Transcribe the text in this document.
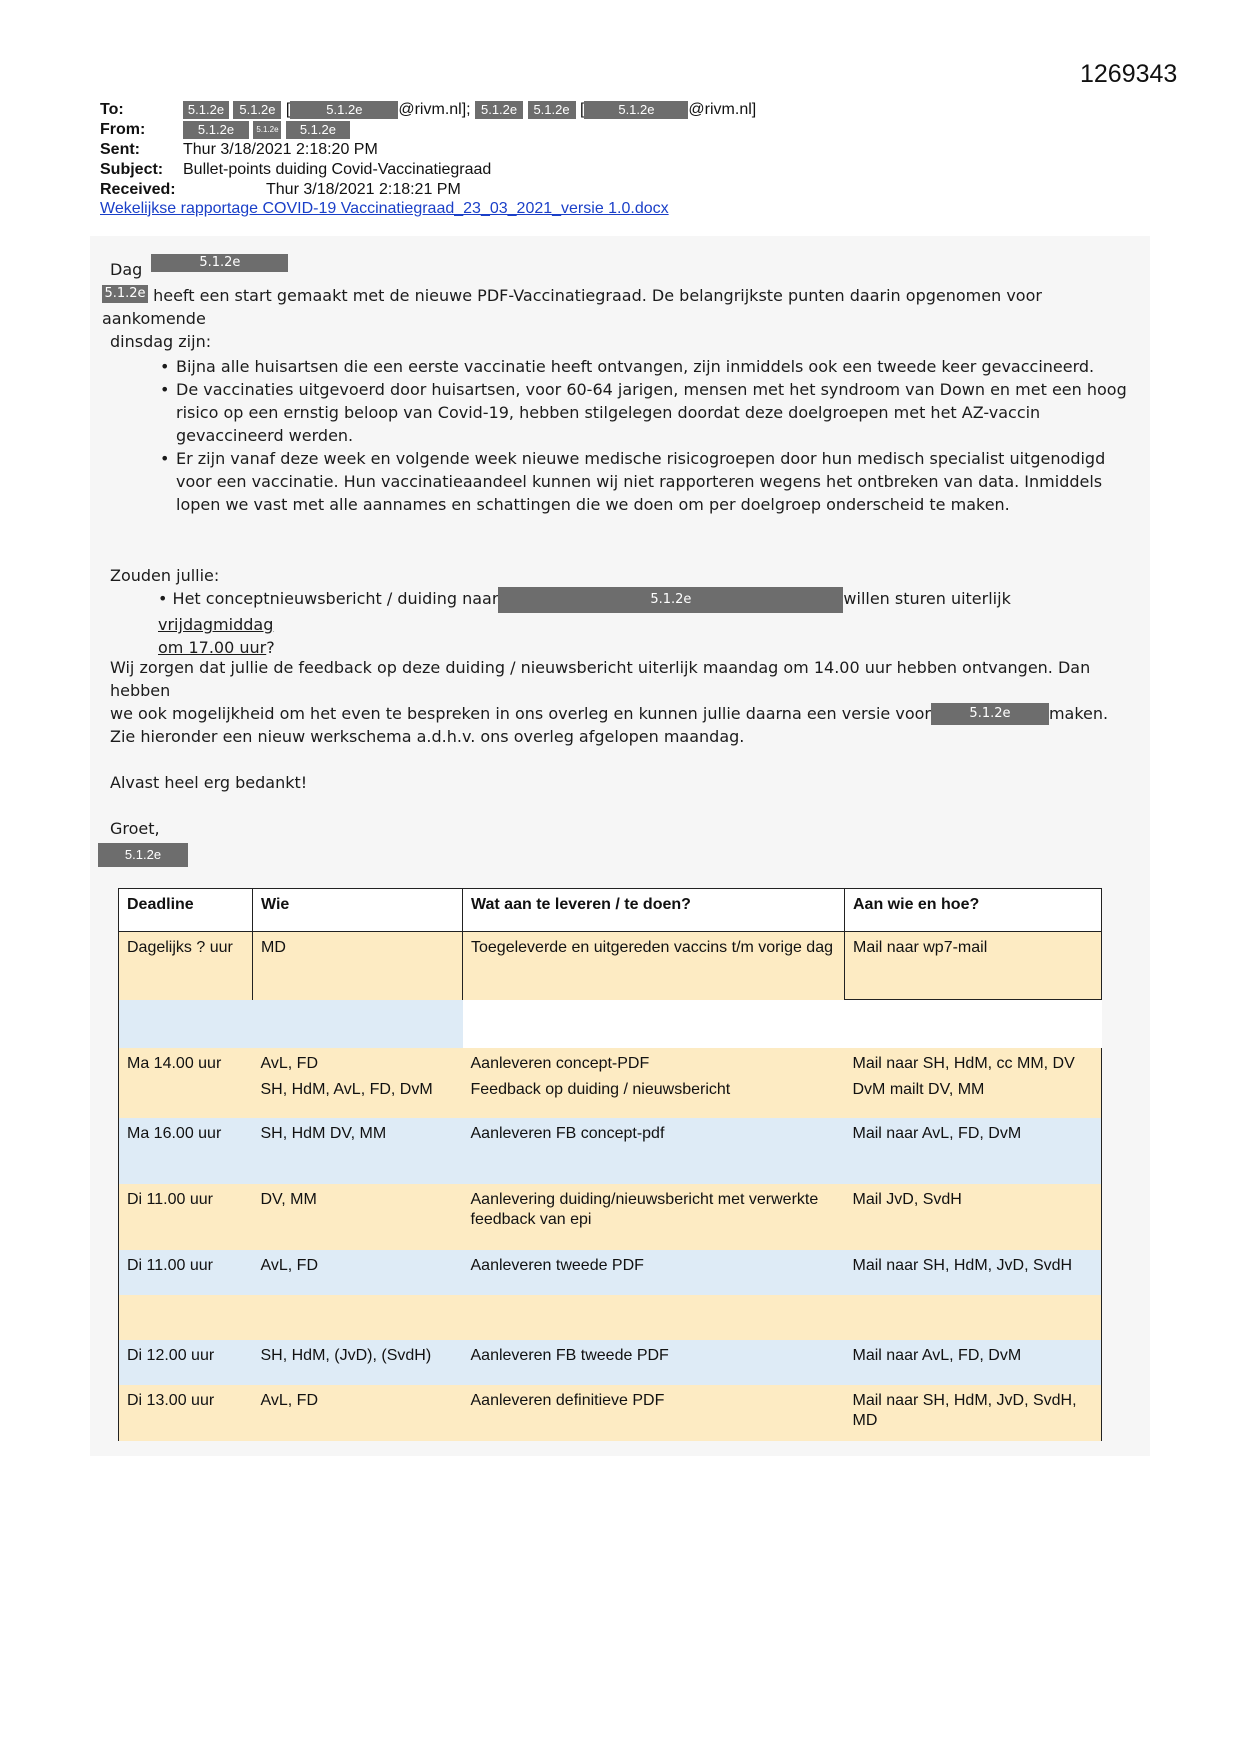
1269343
To:	5.1.2e 5.1.2e [	5.1.2e @rivm.nl]; 5.1.2e 5.1.2e [	5.1.2e @rivm.nl]
From:	5.1.2e	5.1.2e 5.1.2e
Sent:	Thur 3/18/2021 2:18:20 PM
Subject: Bullet-points duiding Covid-Vaccinatiegraad
Received:	Thur 3/18/2021 2:18:21 PM
Wekelijkse rapportage COVID-19 Vaccinatiegraad_23_03_2021_versie 1.0.docx
Dag	5.1.2e

5.1.2e heeft een start gemaakt met de nieuwe PDF-Vaccinatiegraad. De belangrijkste punten daarin opgenomen voor aankomende

dinsdag zijn:

• Bijna alle huisartsen die een eerste vaccinatie heeft ontvangen, zijn inmiddels ook een tweede keer gevaccineerd.
• De vaccinaties uitgevoerd door huisartsen, voor 60-64 jarigen, mensen met het syndroom van Down en met een hoog risico op een ernstig beloop van Covid-19, hebben stilgelegen doordat deze doelgroepen met het AZ-vaccin gevaccineerd werden.
• Er zijn vanaf deze week en volgende week nieuwe medische risicogroepen door hun medisch specialist uitgenodigd voor een vaccinatie. Hun vaccinatieaandeel kunnen wij niet rapporteren wegens het ontbreken van data. Inmiddels lopen we vast met alle aannames en schattingen die we doen om per doelgroep onderscheid te maken.
Zouden jullie:

• Het conceptnieuwsbericht / duiding naar	5.1.2e	willen sturen uiterlijk vrijdagmiddag

om 17.00 uur?

Wij zorgen dat jullie de feedback op deze duiding / nieuwsbericht uiterlijk maandag om 14.00 uur hebben ontvangen. Dan hebben

we ook mogelijkheid om het even te bespreken in ons overleg en kunnen jullie daarna een versie voor	5.1.2e maken.

Zie hieronder een nieuw werkschema a.d.h.v. ons overleg afgelopen maandag.
Alvast heel erg bedankt!
Groet,
5.1.2e
Deadline	Wie	Wat aan te leveren / te doen?	Aan wie en hoe?
Dagelijks ? uur	MD	Toegeleverde en uitgereden vaccins t/m vorige dag	Mail naar wp7-mail

Ma 14.00 uur	AvL, FD	Aanleveren concept-PDF	Mail naar SH, HdM, cc MM, DV
	SH, HdM, AvL, FD, DvM	Feedback op duiding / nieuwsbericht	DvM mailt DV, MM
Ma 16.00 uur	SH, HdM DV, MM	Aanleveren FB concept-pdf	Mail naar AvL, FD, DvM
Di 11.00 uur	DV, MM	Aanlevering duiding/nieuwsbericht met verwerkte feedback van epi	Mail JvD, SvdH
Di 11.00 uur	AvL, FD	Aanleveren tweede PDF	Mail naar SH, HdM, JvD, SvdH

Di 12.00 uur	SH, HdM, (JvD), (SvdH)	Aanleveren FB tweede PDF	Mail naar AvL, FD, DvM
Di 13.00 uur	AvL, FD	Aanleveren definitieve PDF	Mail naar SH, HdM, JvD, SvdH, MD
